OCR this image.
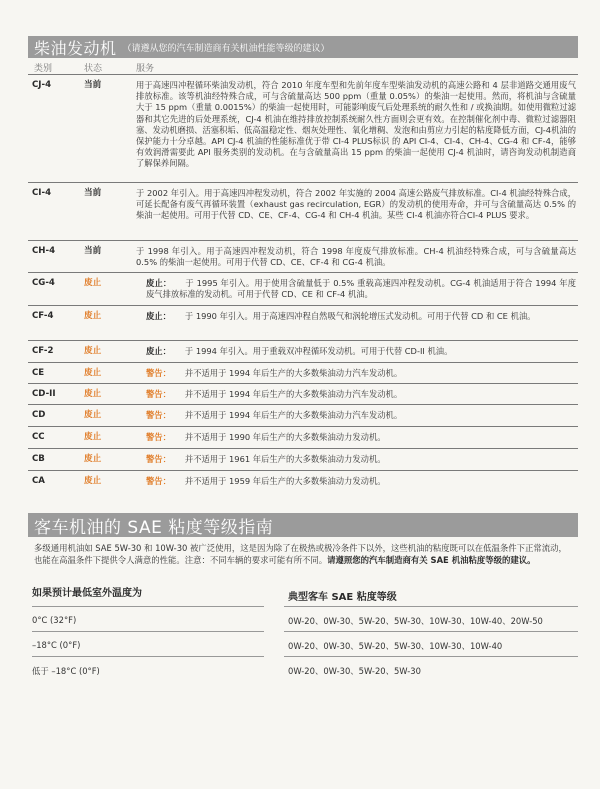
柴油发动机 （请遵从您的汽车制造商有关机油性能等级的建议）
类别	状态	服务
CJ-4	当前	用于高速四冲程循环柴油发动机，符合 2010 年度车型和先前年度车型柴油发动机的高速公路和 4 层非道路交通用废气排放标准。该等机油经特殊合成，可与含硫量高达 500 ppm（重量 0.05%）的柴油一起使用。然而，将机油与含硫量大于 15 ppm（重量 0.0015%）的柴油一起使用时，可能影响废气后处理系统的耐久性和 / 或换油期。如使用微粒过滤器和其它先进的后处理系统，CJ-4 机油在维持排放控制系统耐久性方面则会更有效。在控制催化剂中毒、微粒过滤器阻塞、发动机磨损、活塞积垢、低高温稳定性、烟灰处理性、氧化增稠、发泡和由剪应力引起的粘度降低方面，CJ-4机油的保护能力十分卓越。API CJ-4 机油的性能标准优于带 CI-4 PLUS标识 的 API CI-4、CI-4、CH-4、CG-4 和 CF-4，能够有效润滑需要此 API 服务类别的发动机。在与含硫量高出 15 ppm 的柴油一起使用 CJ-4 机油时，请咨询发动机制造商了解保养间隔。
CI-4	当前	于 2002 年引入。用于高速四冲程发动机，符合 2002 年实施的 2004 高速公路废气排放标准。CI-4 机油经特殊合成，可延长配备有废气再循环装置（exhaust gas recirculation, EGR）的发动机的使用寿命，并可与含硫量高达 0.5% 的柴油一起使用。可用于代替 CD、CE、CF-4、CG-4 和 CH-4 机油。某些 CI-4 机油亦符合CI-4 PLUS 要求。
CH-4	当前	于 1998 年引入。用于高速四冲程发动机，符合 1998 年度废气排放标准。CH-4 机油经特殊合成，可与含硫量高达 0.5% 的柴油一起使用。可用于代替 CD、CE、CF-4 和 CG-4 机油。
CG-4	废止	废止： 于 1995 年引入。用于使用含硫量低于 0.5% 重载高速四冲程发动机。CG-4 机油适用于符合 1994 年度废气排放标准的发动机。可用于代替 CD、CE 和 CF-4 机油。
CF-4	废止	废止： 于 1990 年引入。用于高速四冲程自然吸气和涡轮增压式发动机。可用于代替 CD 和 CE 机油。
CF-2	废止	废止： 于 1994 年引入。用于重载双冲程循环发动机。可用于代替 CD-II 机油。
CE	废止	警告： 并不适用于 1994 年后生产的大多数柴油动力汽车发动机。
CD-II	废止	警告： 并不适用于 1994 年后生产的大多数柴油动力汽车发动机。
CD	废止	警告： 并不适用于 1994 年后生产的大多数柴油动力汽车发动机。
CC	废止	警告： 并不适用于 1990 年后生产的大多数柴油动力发动机。
CB	废止	警告： 并不适用于 1961 年后生产的大多数柴油动力发动机。
CA	废止	警告： 并不适用于 1959 年后生产的大多数柴油动力发动机。
客车机油的 SAE 粘度等级指南
多级通用机油如 SAE 5W-30 和 10W-30 被广泛使用，这是因为除了在极热或极冷条件下以外，这些机油的粘度既可以在低温条件下正常流动，也能在高温条件下提供令人满意的性能。注意：不同车辆的要求可能有所不同。请遵照您的汽车制造商有关 SAE 机油粘度等级的建议。
如果预计最低室外温度为	典型客车 SAE 粘度等级
0°C (32°F)	0W-20、0W-30、5W-20、5W-30、10W-30、10W-40、20W-50
–18°C (0°F)	0W-20、0W-30、5W-20、5W-30、10W-30、10W-40
低于 –18°C (0°F)	0W-20、0W-30、5W-20、5W-30
